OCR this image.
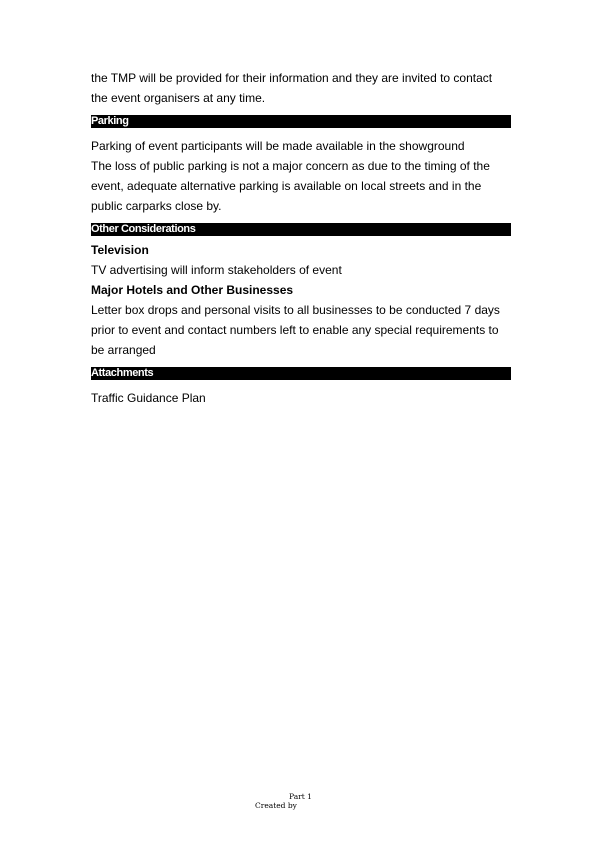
the TMP will be provided for their information and they are invited to contact the event organisers at any time.

Parking

Parking of event participants will be made available in the showground

The loss of public parking is not a major concern as due to the timing of the event, adequate alternative parking is available on local streets and in the public carparks close by.

Other Considerations

Television

TV advertising will inform stakeholders of event

Major Hotels and Other Businesses

Letter box drops and personal visits to all businesses to be conducted 7 days prior to event and contact numbers left to enable any special requirements to be arranged

Attachments

Traffic Guidance Plan

Part 1
Created by
